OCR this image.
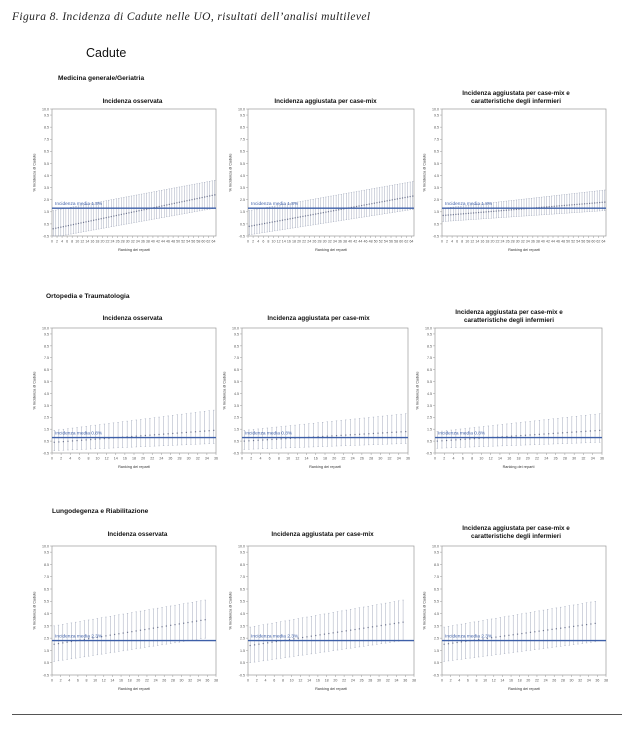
Figura 8. Incidenza di Cadute nelle UO, risultati dell’analisi multilevel
Cadute
Medicina generale/Geriatria
Ortopedia e Traumatologia
Lungodegenza e Riabilitazione
Incidenza osservata	Incidenza aggiustata per case-mix
Incidenza aggiustata per case-mix e
caratteristiche degli infermieri
-0.5
0.5
1.5
2.5
3.5
4.5
5.5
6.5
7.5
8.5
9.5
10.0
0 2 4 6 8 10 12 14 16 18 20 22 24 26 28 30 32 34 36 38 40 42 44 46 48 50 52 54 56 58 60 62 64
Ranking dei reparti
% Incidenza di Cadute
Incidenza media 1.8%
-0.5
0.5
1.5
2.5
3.5
4.5
5.5
6.5
7.5
8.5
9.5
10.0
0 2 4 6 8 10 12 14 16 18 20 22 24 26 28 30 32 34 36 38 40 42 44 46 48 50 52 54 56 58 60 62 64
Ranking dei reparti
% Incidenza di Cadute
Incidenza media 1.8%
-0.5
0.5
1.5
2.5
3.5
4.5
5.5
6.5
7.5
8.5
9.5
10.0
0 2 4 6 8 10 12 14 16 18 20 22 24 26 28 30 32 34 36 38 40 42 44 46 48 50 52 54 56 58 60 62 64
Ranking dei reparti
% Incidenza di Cadute
Incidenza media 1.8%
Incidenza osservata	Incidenza aggiustata per case-mix
Incidenza aggiustata per case-mix e
caratteristiche degli infermieri
-0.5
0.5
1.5
2.5
3.5
4.5
5.5
6.5
7.5
8.5
9.5
10.0
0 2 4 6 8 10 12 14 16 18 20 22 24 26 28 30 32 34 36
Ranking dei reparti
% Incidenza di Cadute
Incidenza media 0.8%
-0.5
0.5
1.5
2.5
3.5
4.5
5.5
6.5
7.5
8.5
9.5
10.0
0 2 4 6 8 10 12 14 16 18 20 22 24 26 28 30 32 34 36
Ranking dei reparti
% Incidenza di Cadute
Incidenza media 0.8%
-0.5
0.5
1.5
2.5
3.5
4.5
5.5
6.5
7.5
8.5
9.5
10.0
0 2 4 6 8 10 12 14 16 18 20 22 24 26 28 30 32 34 36
Ranking dei reparti
% Incidenza di Cadute
Incidenza media 0.8%
Incidenza osservata	Incidenza aggiustata per case-mix
Incidenza aggiustata per case-mix e
caratteristiche degli infermieri
-0.5
0.5
1.5
2.5
3.5
4.5
5.5
6.5
7.5
8.5
9.5
10.0
0 2 4 6 8 10 12 14 16 18 20 22 24 26 28 30 32 34 36 38
Ranking dei reparti
% Incidenza di Cadute
Incidenza media 2.3%
-0.5
0.5
1.5
2.5
3.5
4.5
5.5
6.5
7.5
8.5
9.5
10.0
0 2 4 6 8 10 12 14 16 18 20 22 24 26 28 30 32 34 36 38
Ranking dei reparti
% Incidenza di Cadute
Incidenza media 2.3%
-0.5
0.5
1.5
2.5
3.5
4.5
5.5
6.5
7.5
8.5
9.5
10.0
0 2 4 6 8 10 12 14 16 18 20 22 24 26 28 30 32 34 36 38
Ranking dei reparti
% Incidenza di Cadute
Incidenza media 2.3%
